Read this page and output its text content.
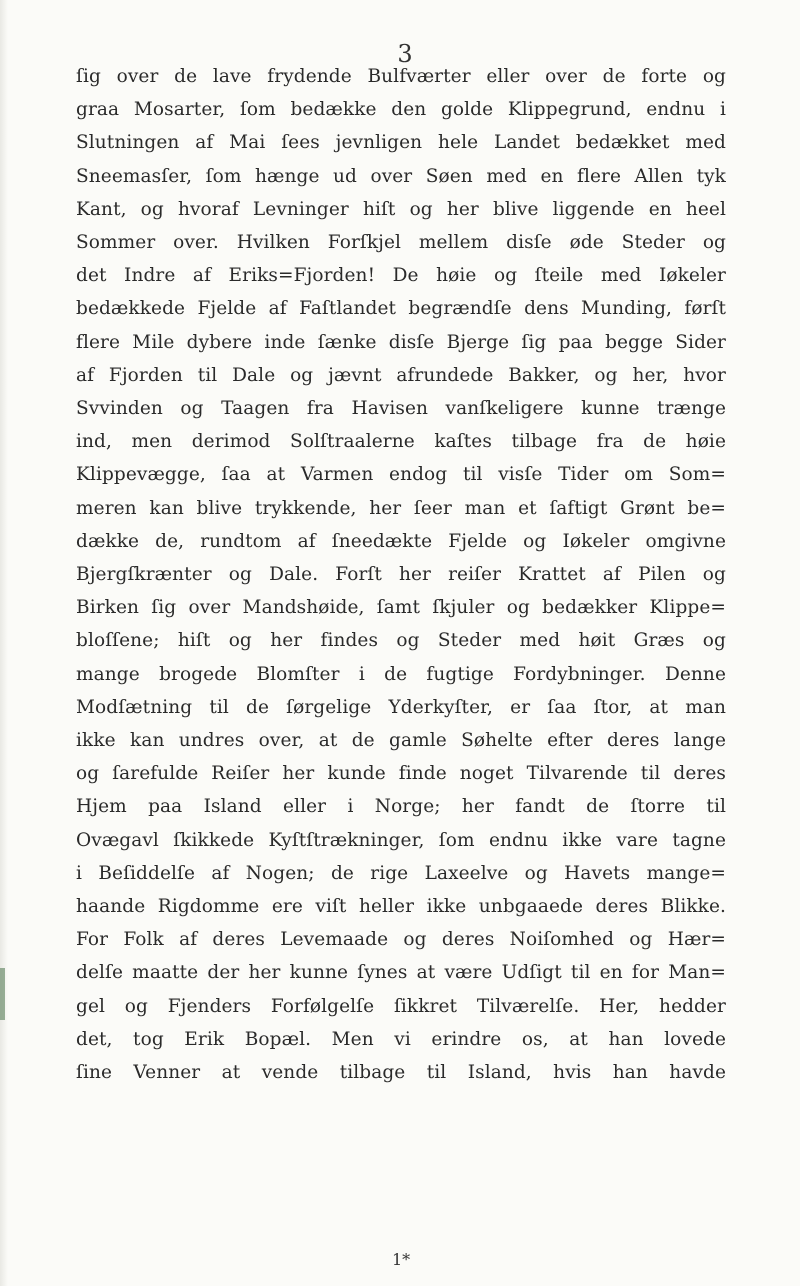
3
ſig over de lave frydende Bulfværter eller over de forte og
graa Mosarter, ſom bedække den golde Klippegrund, endnu i
Slutningen af Mai ſees jevnligen hele Landet bedækket med
Sneemasſer, ſom hænge ud over Søen med en flere Allen tyk
Kant, og hvoraf Levninger hiſt og her blive liggende en heel
Sommer over. Hvilken Forſkjel mellem disſe øde Steder og
det Indre af Eriks=Fjorden! De høie og ſteile med Iøkeler
bedækkede Fjelde af Faſtlandet begrændſe dens Munding, førſt
flere Mile dybere inde ſænke disſe Bjerge ſig paa begge Sider
af Fjorden til Dale og jævnt afrundede Bakker, og her, hvor
Svvinden og Taagen fra Havisen vanſkeligere kunne trænge
ind, men derimod Solſtraalerne kaſtes tilbage fra de høie
Klippevægge, ſaa at Varmen endog til visſe Tider om Som=
meren kan blive trykkende, her ſeer man et ſaftigt Grønt be=
dække de, rundtom af ſneedækte Fjelde og Iøkeler omgivne
Bjergſkrænter og Dale. Forſt her reiſer Krattet af Pilen og
Birken ſig over Mandshøide, ſamt ſkjuler og bedækker Klippe=
bloſſene; hiſt og her findes og Steder med høit Græs og
mange brogede Blomſter i de fugtige Fordybninger. Denne
Modſætning til de ſørgelige Yderkyſter, er ſaa ſtor, at man
ikke kan undres over, at de gamle Søhelte efter deres lange
og ſarefulde Reiſer her kunde finde noget Tilvarende til deres
Hjem paa Island eller i Norge; her fandt de ſtorre til
Ovægavl ſkikkede Kyſtſtrækninger, ſom endnu ikke vare tagne
i Beſiddelſe af Nogen; de rige Laxeelve og Havets mange=
haande Rigdomme ere viſt heller ikke unbgaaede deres Blikke.
For Folk af deres Levemaade og deres Noiſomhed og Hær=
delſe maatte der her kunne ſynes at være Udſigt til en for Man=
gel og Fjenders Forfølgelſe ſikkret Tilværelſe. Her, hedder
det, tog Erik Bopæl. Men vi erindre os, at han lovede
ſine Venner at vende tilbage til Island, hvis han havde
1*
